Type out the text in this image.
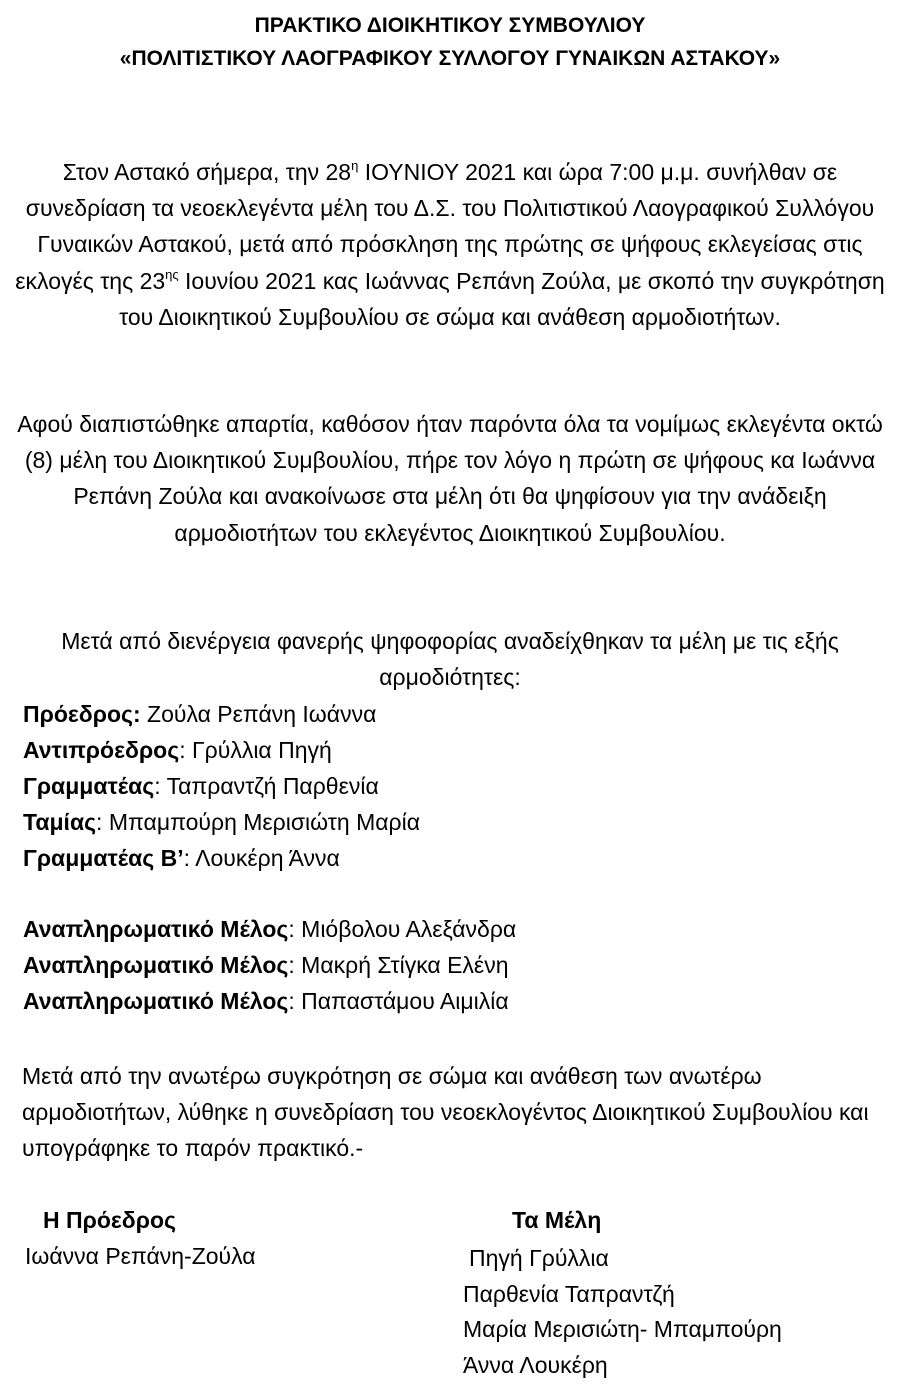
ΠΡΑΚΤΙΚΟ ΔΙΟΙΚΗΤΙΚΟΥ ΣΥΜΒΟΥΛΙΟΥ
«ΠΟΛΙΤΙΣΤΙΚΟΥ ΛΑΟΓΡΑΦΙΚΟΥ ΣΥΛΛΟΓΟΥ ΓΥΝΑΙΚΩΝ ΑΣΤΑΚΟΥ»
Στον Αστακό σήμερα, την $28^\eta$ ΙΟΥΝΙΟΥ 2021 και ώρα 7:00 μ.μ. συνήλθαν σε συνεδρίαση τα νεοεκλεγέντα μέλη του Δ.Σ. του Πολιτιστικού Λαογραφικού Συλλόγου Γυναικών Αστακού, μετά από πρόσκληση της πρώτης σε ψήφους εκλεγείσας στις εκλογές της $23^{\eta\varsigma}$ Ιουνίου 2021 κας Ιωάννας Ρεπάνη Ζούλα, με σκοπό την συγκρότηση του Διοικητικού Συμβουλίου σε σώμα και ανάθεση αρμοδιοτήτων.
Αφού διαπιστώθηκε απαρτία, καθόσον ήταν παρόντα όλα τα νομίμως εκλεγέντα οκτώ (8) μέλη του Διοικητικού Συμβουλίου, πήρε τον λόγο η πρώτη σε ψήφους κα Ιωάννα Ρεπάνη Ζούλα και ανακοίνωσε στα μέλη ότι θα ψηφίσουν για την ανάδειξη αρμοδιοτήτων του εκλεγέντος Διοικητικού Συμβουλίου.
Μετά από διενέργεια φανερής ψηφοφορίας αναδείχθηκαν τα μέλη με τις εξής αρμοδιότητες:
Πρόεδρος: Ζούλα Ρεπάνη Ιωάννα
Αντιπρόεδρος: Γρύλλια Πηγή
Γραμματέας: Ταπραντζή Παρθενία
Ταμίας: Μπαμπούρη Μερισιώτη Μαρία
Γραμματέας Β’: Λουκέρη Άννα
Αναπληρωματικό Μέλος: Μιόβολου Αλεξάνδρα
Αναπληρωματικό Μέλος: Μακρή Στίγκα Ελένη
Αναπληρωματικό Μέλος: Παπαστάμου Αιμιλία
Μετά από την ανωτέρω συγκρότηση σε σώμα και ανάθεση των ανωτέρω αρμοδιοτήτων, λύθηκε η συνεδρίαση του νεοεκλογέντος Διοικητικού Συμβουλίου και υπογράφηκε το παρόν πρακτικό.-
Η Πρόεδρος	Τα Μέλη
Ιωάννα Ρεπάνη-Ζούλα	Πηγή Γρύλλια
Παρθενία Ταπραντζή
Μαρία Μερισιώτη- Μπαμπούρη
Άννα Λουκέρη
